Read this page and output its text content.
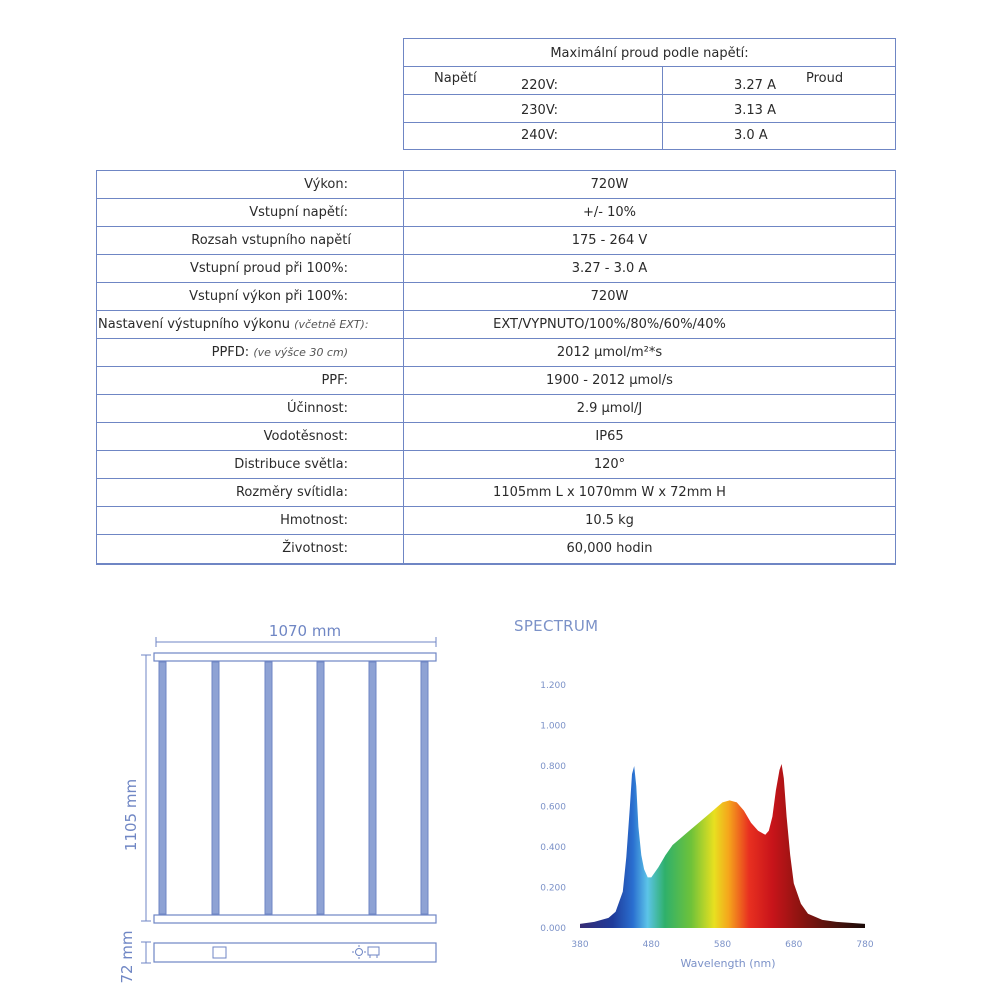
Maximální proud podle napětí:
Napětí	Proud
220V:	3.27 A
230V:	3.13 A
240V:	3.0 A
Výkon:	720W
Vstupní napětí:	+/- 10%
Rozsah vstupního napětí	175 - 264 V
Vstupní proud při 100%:	3.27 - 3.0 A
Vstupní výkon při 100%:	720W
Nastavení výstupního výkonu (včetně EXT):	EXT/VYPNUTO/100%/80%/60%/40%
PPFD: (ve výšce 30 cm)	2012 µmol/m²*s
PPF:	1900 - 2012 µmol/s
Účinnost:	2.9 µmol/J
Vodotěsnost:	IP65
Distribuce světla:	120°
Rozměry svítidla:	1105mm L x 1070mm W x 72mm H
Hmotnost:	10.5 kg
Životnost:	60,000 hodin
1070 mm
1105 mm
72 mm
SPECTRUM
0.000
0.200
0.400
0.600
0.800
1.000
1.200
380	480	580	680	780
Wavelength (nm)
